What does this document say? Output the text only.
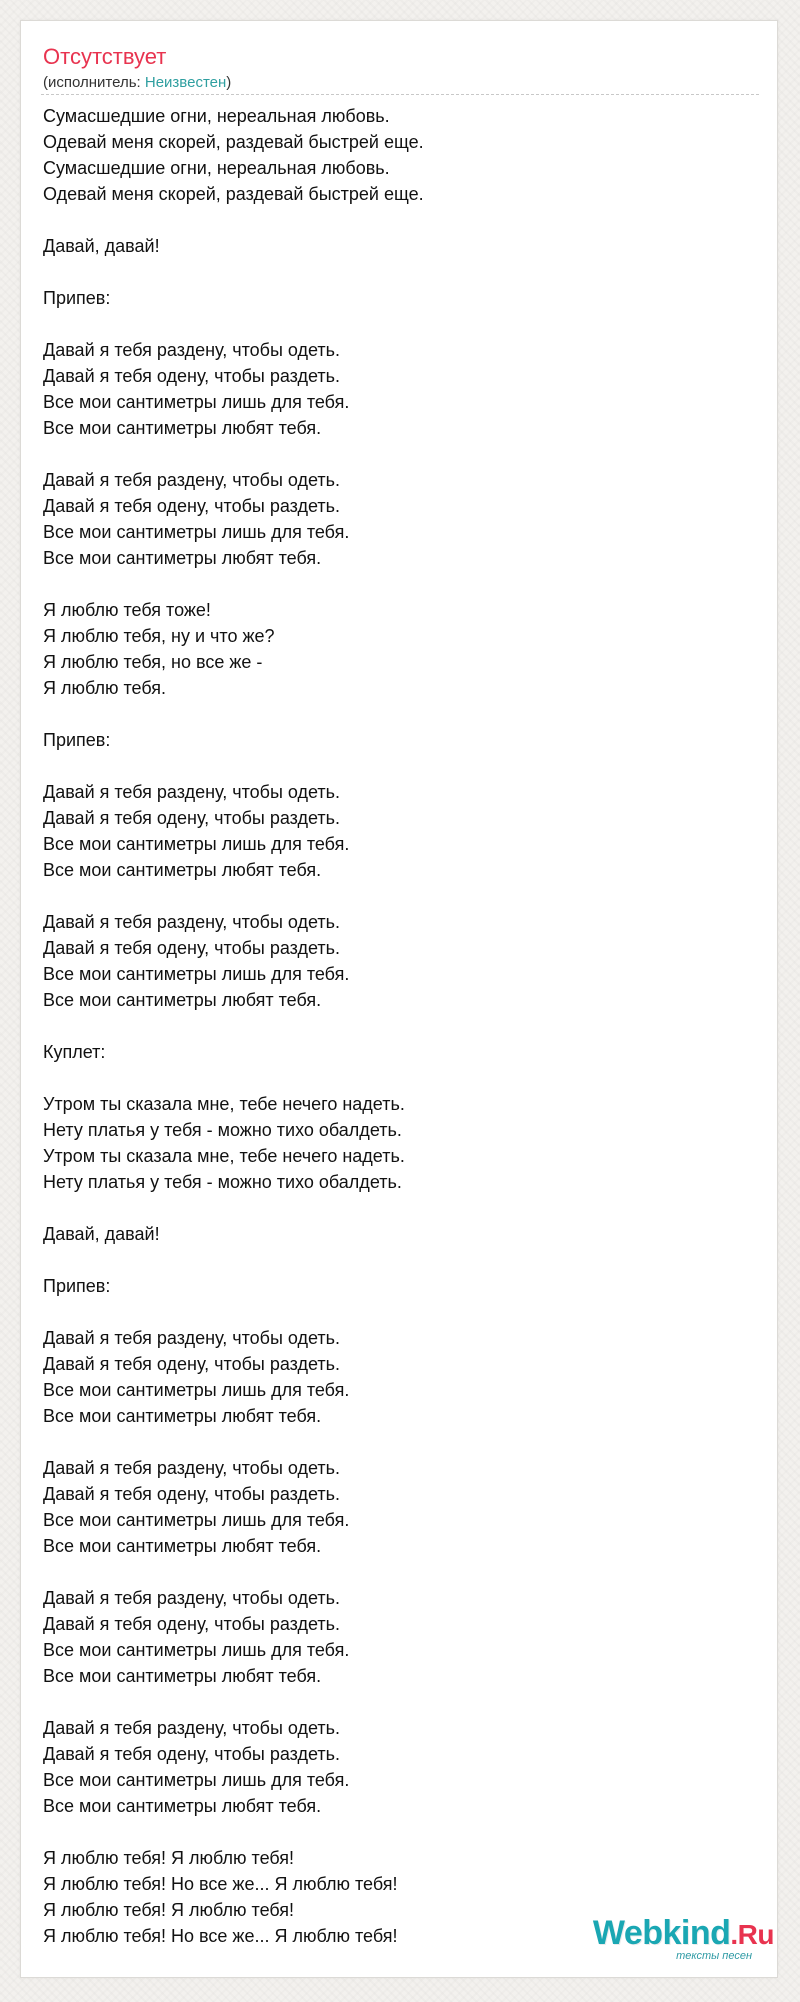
Отсутствует
(исполнитель: Неизвестен)
Сумасшедшие огни, нереальная любовь.
Одевай меня скорей, раздевай быстрей еще.
Сумасшедшие огни, нереальная любовь.
Одевай меня скорей, раздевай быстрей еще.
Давай, давай!
Припев:
Давай я тебя раздену, чтобы одеть.
Давай я тебя одену, чтобы раздеть.
Все мои сантиметры лишь для тебя.
Все мои сантиметры любят тебя.
Давай я тебя раздену, чтобы одеть.
Давай я тебя одену, чтобы раздеть.
Все мои сантиметры лишь для тебя.
Все мои сантиметры любят тебя.
Я люблю тебя тоже!
Я люблю тебя, ну и что же?
Я люблю тебя, но все же -
Я люблю тебя.
Припев:
Давай я тебя раздену, чтобы одеть.
Давай я тебя одену, чтобы раздеть.
Все мои сантиметры лишь для тебя.
Все мои сантиметры любят тебя.
Давай я тебя раздену, чтобы одеть.
Давай я тебя одену, чтобы раздеть.
Все мои сантиметры лишь для тебя.
Все мои сантиметры любят тебя.
Куплет:
Утром ты сказала мне, тебе нечего надеть.
Нету платья у тебя - можно тихо обалдеть.
Утром ты сказала мне, тебе нечего надеть.
Нету платья у тебя - можно тихо обалдеть.
Давай, давай!
Припев:
Давай я тебя раздену, чтобы одеть.
Давай я тебя одену, чтобы раздеть.
Все мои сантиметры лишь для тебя.
Все мои сантиметры любят тебя.
Давай я тебя раздену, чтобы одеть.
Давай я тебя одену, чтобы раздеть.
Все мои сантиметры лишь для тебя.
Все мои сантиметры любят тебя.
Давай я тебя раздену, чтобы одеть.
Давай я тебя одену, чтобы раздеть.
Все мои сантиметры лишь для тебя.
Все мои сантиметры любят тебя.
Давай я тебя раздену, чтобы одеть.
Давай я тебя одену, чтобы раздеть.
Все мои сантиметры лишь для тебя.
Все мои сантиметры любят тебя.
Я люблю тебя! Я люблю тебя!
Я люблю тебя! Но все же... Я люблю тебя!
Я люблю тебя! Я люблю тебя!
Я люблю тебя! Но все же... Я люблю тебя!	Webkind.Ru
тексты песен
